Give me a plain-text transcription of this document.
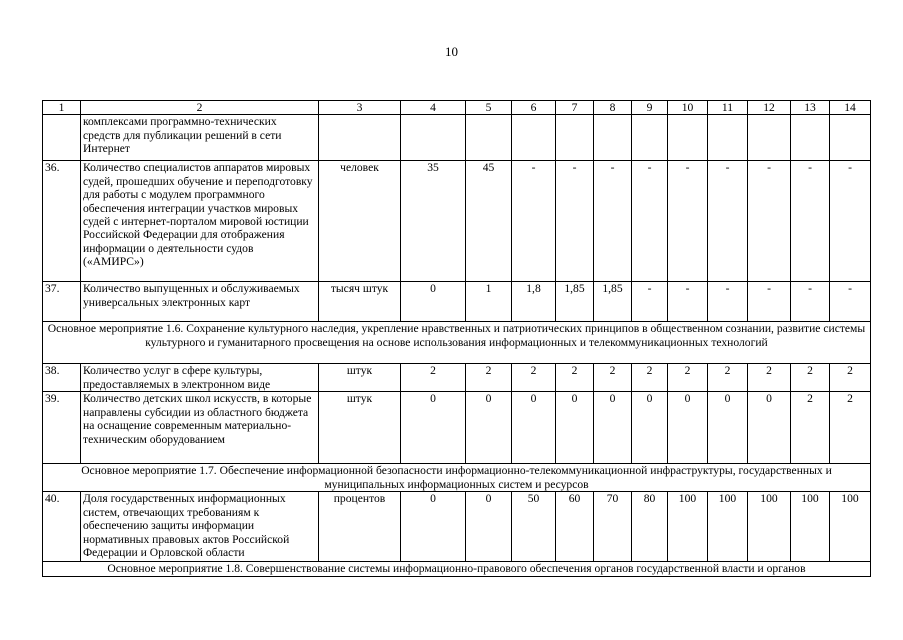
10
1	2	3	4	5	6	7	8	9	10	11	12	13	14
	комплексами программно-технических средств для публикации решений в сети Интернет												
36.	Количество специалистов аппаратов мировых судей, прошедших обучение и переподготовку для работы с модулем программного обеспечения интеграции участков мировых судей с интернет-порталом мировой юстиции Российской Федерации для отображения информации о деятельности судов («АМИРС»)	человек	35	45	-	-	-	-	-	-	-	-	-
37.	Количество выпущенных и обслуживаемых универсальных электронных карт	тысяч штук	0	1	1,8	1,85	1,85	-	-	-	-	-	-
Основное мероприятие 1.6. Сохранение культурного наследия, укрепление нравственных и патриотических принципов в общественном сознании, развитие системы культурного и гуманитарного просвещения на основе использования информационных и телекоммуникационных технологий													
38.	Количество услуг в сфере культуры, предоставляемых в электронном виде	штук	2	2	2	2	2	2	2	2	2	2	2
39.	Количество детских школ искусств, в которые направлены субсидии из областного бюджета на оснащение современным материально-техническим оборудованием	штук	0	0	0	0	0	0	0	0	0	2	2
Основное мероприятие 1.7. Обеспечение информационной безопасности информационно-телекоммуникационной инфраструктуры, государственных и муниципальных информационных систем и ресурсов													
40.	Доля государственных информационных систем, отвечающих требованиям к обеспечению защиты информации нормативных правовых актов Российской Федерации и Орловской области	процентов	0	0	50	60	70	80	100	100	100	100	100
Основное мероприятие 1.8. Совершенствование системы информационно-правового обеспечения органов государственной власти и органов													
